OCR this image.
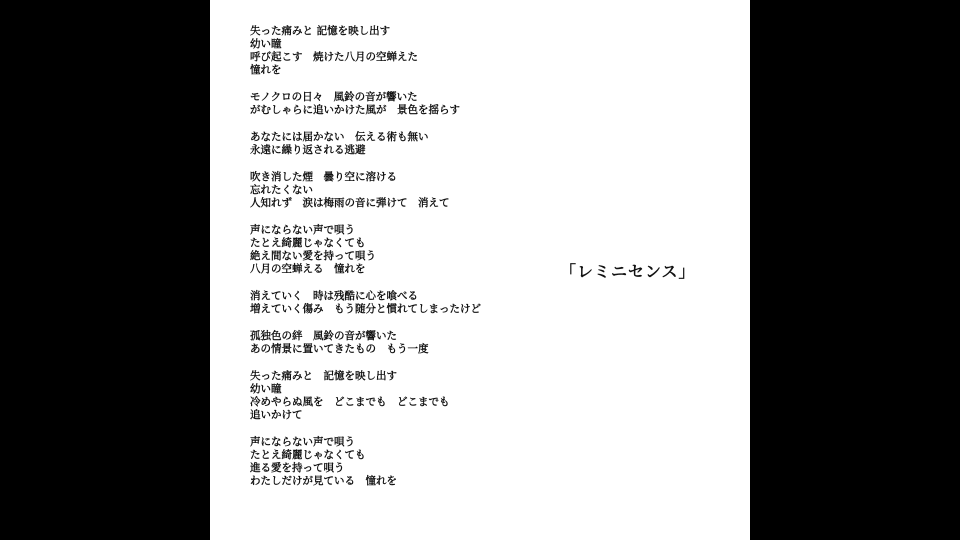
失った痛みと 記憶を映し出す
幼い瞳
呼び起こす　焼けた八月の空蝉えた
憧れを
モノクロの日々　風鈴の音が響いた
がむしゃらに追いかけた風が　景色を揺らす
あなたには届かない　伝える術も無い
永遠に繰り返される逃避
吹き消した煙　曇り空に溶ける
忘れたくない
人知れず　涙は梅雨の音に弾けて　消えて
声にならない声で唄う
たとえ綺麗じゃなくても
絶え間ない愛を持って唄う
八月の空蝉える　憧れを
消えていく　時は残酷に心を喰べる
増えていく傷み　もう随分と慣れてしまったけど
孤独色の絆　風鈴の音が響いた
あの情景に置いてきたもの　もう一度
失った痛みと　記憶を映し出す
幼い瞳
冷めやらぬ風を　どこまでも　どこまでも
追いかけて
声にならない声で唄う
たとえ綺麗じゃなくても
進る愛を持って唄う
わたしだけが見ている　憧れを
「レミニセンス」
